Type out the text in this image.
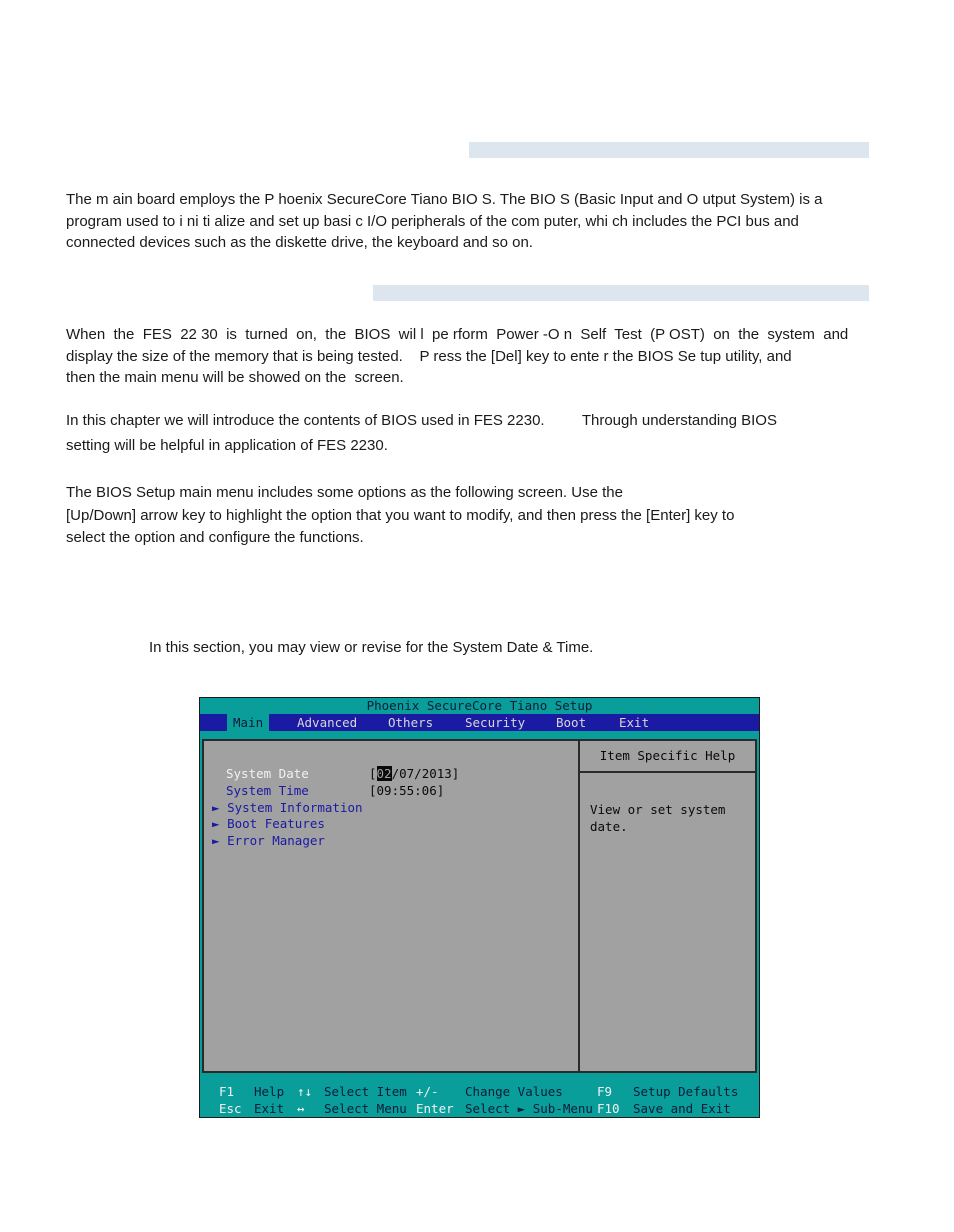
The m ain board employs the P hoenix SecureCore Tiano BIO S. The BIO S (Basic Input and O utput System) is a
program used to i ni ti alize and set up basi c I/O peripherals of the com puter, whi ch includes the PCI bus and
connected devices such as the diskette drive, the keyboard and so on.

When  the  FES  22 30  is  turned  on,  the  BIOS  wil l  pe rform  Power -O n  Self  Test  (P OST)  on  the  system  and
display the size of the memory that is being tested.    P ress the [Del] key to ente r the BIOS Se tup utility, and
then the main menu will be showed on the  screen.

In this chapter we will introduce the contents of BIOS used in FES 2230.         Through understanding BIOS
setting will be helpful in application of FES 2230.

The BIOS Setup main menu includes some options as the following screen. Use the
[Up/Down] arrow key to highlight the option that you want to modify, and then press the [Enter] key to
select the option and configure the functions.

In this section, you may view or revise for the System Date & Time.

Phoenix SecureCore Tiano Setup
Main	Advanced	Others	Security	Boot	Exit
System Date	[02/07/2013]
System Time	[09:55:06]
► System Information
► Boot Features
► Error Manager
Item Specific Help
View or set system
date.
F1 Help ↑↓ Select Item +/- Change Values	F9 Setup Defaults
Esc Exit ↔ Select Menu Enter Select ► Sub-Menu F10 Save and Exit
